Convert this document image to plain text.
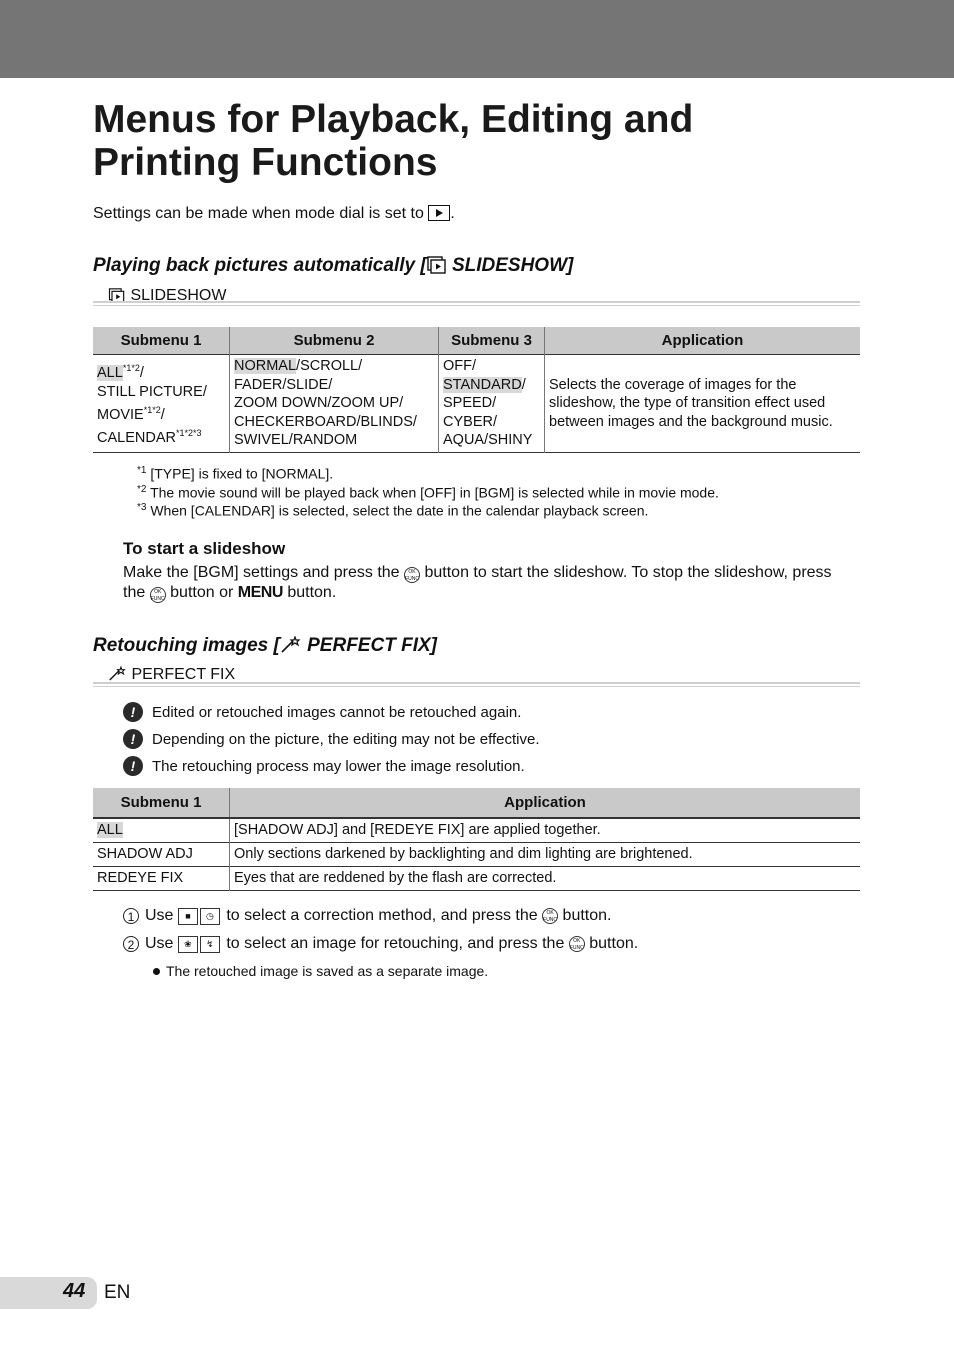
Menus for Playback, Editing and
Printing Functions
Settings can be made when mode dial is set to .
Playing back pictures automatically [ SLIDESHOW]
SLIDESHOW
Submenu 1	Submenu 2	Submenu 3	Application
$ALL^{*1*2}/$
STILL PICTURE/
$MOVIE^{*1*2}/$
$CALENDAR^{*1*2*3}$	NORMAL/SCROLL/
FADER/SLIDE/
ZOOM DOWN/ZOOM UP/
CHECKERBOARD/BLINDS/
SWIVEL/RANDOM	OFF/
STANDARD/
SPEED/
CYBER/
AQUA/SHINY	Selects the coverage of images for the slideshow, the type of transition effect used between images and the background music.
$^{*1}$ [TYPE] is fixed to [NORMAL].
$^{*2}$ The movie sound will be played back when [OFF] in [BGM] is selected while in movie mode.
$^{*3}$ When [CALENDAR] is selected, select the date in the calendar playback screen.
To start a slideshow
Make the [BGM] settings and press the OK
FUNC button to start the slideshow. To stop the slideshow, press the OK
FUNC button or MENU button.
Retouching images [ PERFECT FIX]
PERFECT FIX
!	Edited or retouched images cannot be retouched again.
!	Depending on the picture, the editing may not be effective.
!	The retouching process may lower the image resolution.
Submenu 1	Application
ALL	[SHADOW ADJ] and [REDEYE FIX] are applied together.
SHADOW ADJ	Only sections darkened by backlighting and dim lighting are brightened.
REDEYE FIX	Eyes that are reddened by the flash are corrected.
1 Use
	■	◷
to select a correction method, and press the
	OK
FUNC
button.
2 Use
	❀	↯
to select an image for retouching, and press the
	OK
FUNC
button.
The retouched image is saved as a separate image.
44 EN
